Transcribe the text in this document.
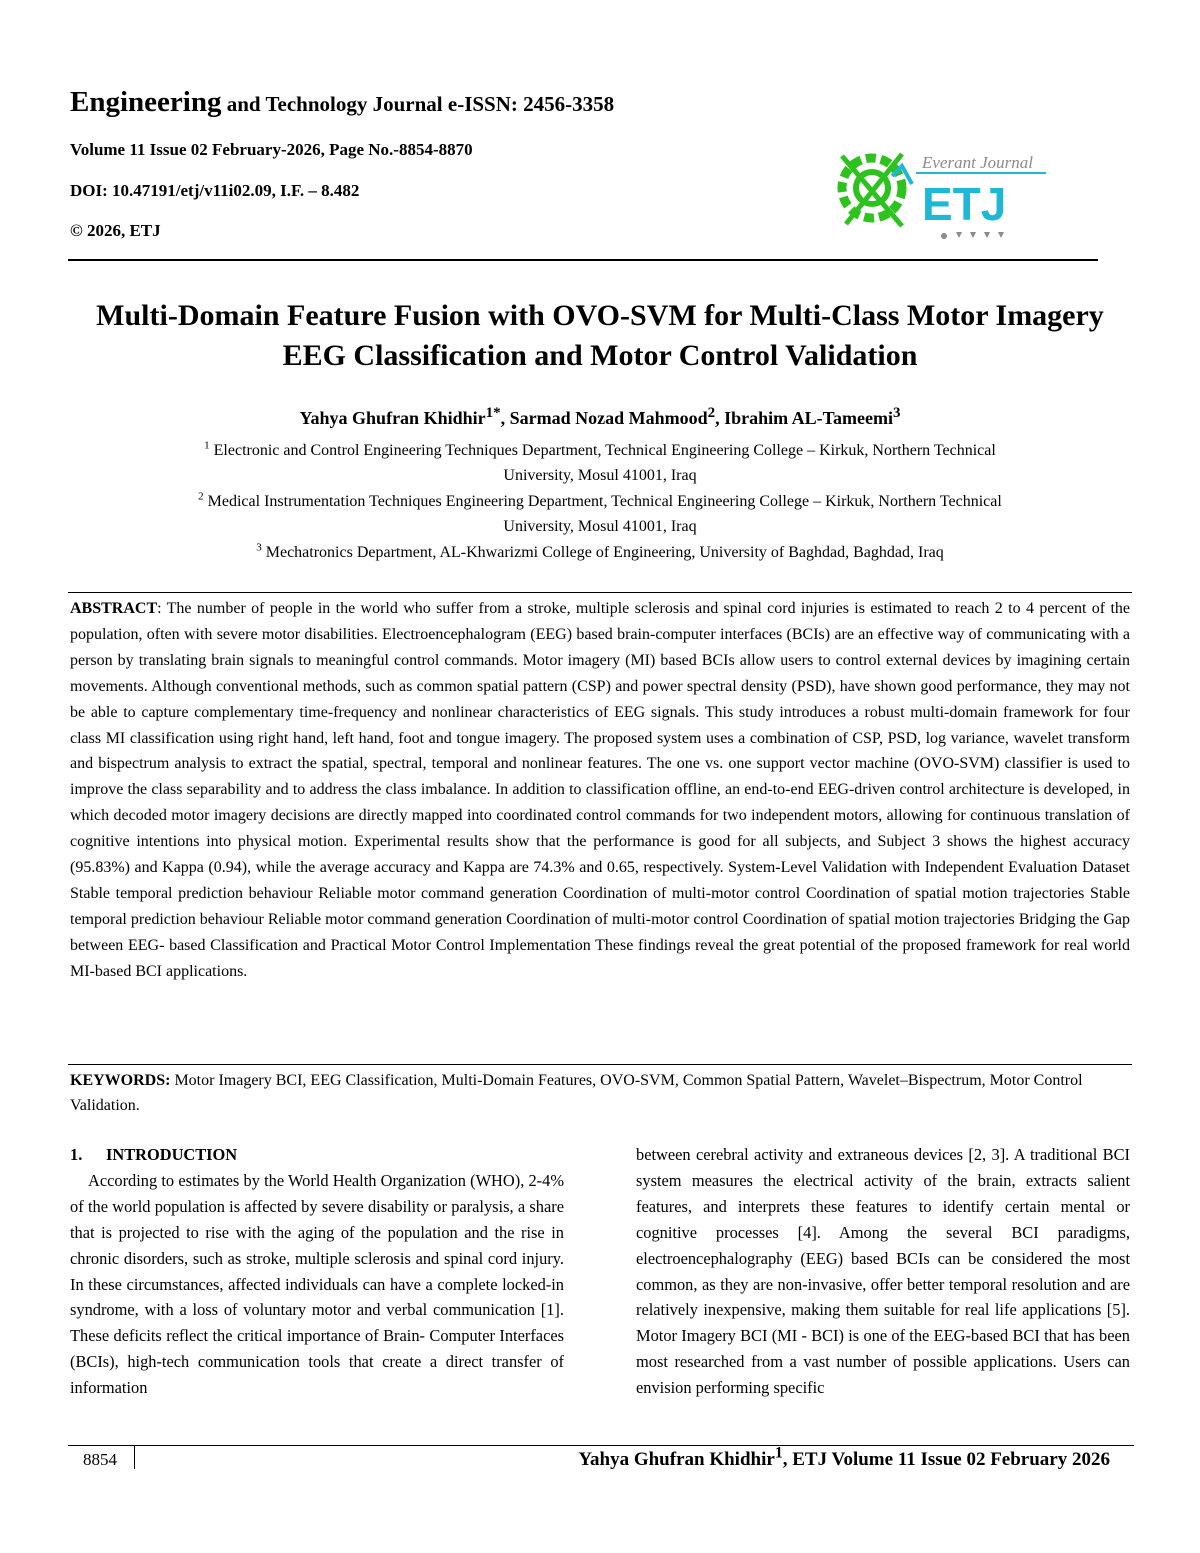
Engineering and Technology Journal e-ISSN: 2456-3358
Volume 11 Issue 02 February-2026, Page No.-8854-8870
DOI: 10.47191/etj/v11i02.09, I.F. – 8.482
© 2026, ETJ
Everant Journal
ETJ
Multi-Domain Feature Fusion with OVO-SVM for Multi-Class Motor Imagery
EEG Classification and Motor Control Validation
Yahya Ghufran Khidhir$^{1*}$, Sarmad Nozad Mahmood$^2$, Ibrahim AL-Tameemi$^3$
$^1$ Electronic and Control Engineering Techniques Department, Technical Engineering College – Kirkuk, Northern Technical
University, Mosul 41001, Iraq
$^2$ Medical Instrumentation Techniques Engineering Department, Technical Engineering College – Kirkuk, Northern Technical
University, Mosul 41001, Iraq
$^3$ Mechatronics Department, AL-Khwarizmi College of Engineering, University of Baghdad, Baghdad, Iraq
ABSTRACT: The number of people in the world who suffer from a stroke, multiple sclerosis and spinal cord injuries is estimated to reach 2 to 4 percent of the population, often with severe motor disabilities. Electroencephalogram (EEG) based brain-computer interfaces (BCIs) are an effective way of communicating with a person by translating brain signals to meaningful control commands. Motor imagery (MI) based BCIs allow users to control external devices by imagining certain movements. Although conventional methods, such as common spatial pattern (CSP) and power spectral density (PSD), have shown good performance, they may not be able to capture complementary time-frequency and nonlinear characteristics of EEG signals. This study introduces a robust multi-domain framework for four class MI classification using right hand, left hand, foot and tongue imagery. The proposed system uses a combination of CSP, PSD, log variance, wavelet transform and bispectrum analysis to extract the spatial, spectral, temporal and nonlinear features. The one vs. one support vector machine (OVO-SVM) classifier is used to improve the class separability and to address the class imbalance. In addition to classification offline, an end-to-end EEG-driven control architecture is developed, in which decoded motor imagery decisions are directly mapped into coordinated control commands for two independent motors, allowing for continuous translation of cognitive intentions into physical motion. Experimental results show that the performance is good for all subjects, and Subject 3 shows the highest accuracy (95.83%) and Kappa (0.94), while the average accuracy and Kappa are 74.3% and 0.65, respectively. System-Level Validation with Independent Evaluation Dataset Stable temporal prediction behaviour Reliable motor command generation Coordination of multi-motor control Coordination of spatial motion trajectories Stable temporal prediction behaviour Reliable motor command generation Coordination of multi-motor control Coordination of spatial motion trajectories Bridging the Gap between EEG- based Classification and Practical Motor Control Implementation These findings reveal the great potential of the proposed framework for real world MI-based BCI applications.
KEYWORDS: Motor Imagery BCI, EEG Classification, Multi-Domain Features, OVO-SVM, Common Spatial Pattern, Wavelet–Bispectrum, Motor Control Validation.
1. INTRODUCTION
According to estimates by the World Health Organization (WHO), 2-4% of the world population is affected by severe disability or paralysis, a share that is projected to rise with the aging of the population and the rise in chronic disorders, such as stroke, multiple sclerosis and spinal cord injury. In these circumstances, affected individuals can have a complete locked-in syndrome, with a loss of voluntary motor and verbal communication [1]. These deficits reflect the critical importance of Brain- Computer Interfaces (BCIs), high-tech communication tools that create a direct transfer of information
between cerebral activity and extraneous devices [2, 3]. A traditional BCI system measures the electrical activity of the brain, extracts salient features, and interprets these features to identify certain mental or cognitive processes [4]. Among the several BCI paradigms, electroencephalography (EEG) based BCIs can be considered the most common, as they are non-invasive, offer better temporal resolution and are relatively inexpensive, making them suitable for real life applications [5]. Motor Imagery BCI (MI - BCI) is one of the EEG-based BCI that has been most researched from a vast number of possible applications. Users can envision performing specific
8854	Yahya Ghufran Khidhir$^1$, ETJ Volume 11 Issue 02 February 2026
